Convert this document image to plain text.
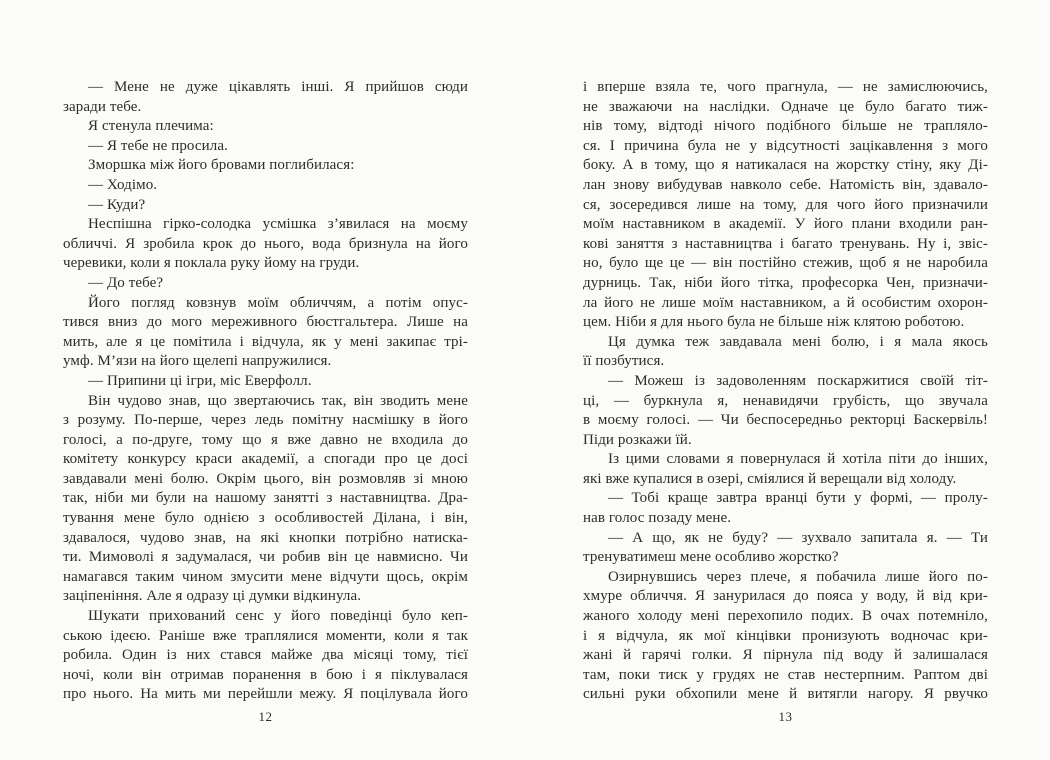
— Мене не дуже цікавлять інші. Я прийшов сюди
заради тебе.
Я стенула плечима:
— Я тебе не просила.
Зморшка між його бровами поглибилася:
— Ходімо.
— Куди?
Неспішна гірко-солодка усмішка з’явилася на моєму
обличчі. Я зробила крок до нього, вода бризнула на його
черевики, коли я поклала руку йому на груди.
— До тебе?
Його погляд ковзнув моїм обличчям, а потім опус-
тився вниз до мого мереживного бюстгальтера. Лише на
мить, але я це помітила і відчула, як у мені закипає трі-
умф. М’язи на його щелепі напружилися.
— Припини ці ігри, міс Еверфолл.
Він чудово знав, що звертаючись так, він зводить мене
з розуму. По-перше, через ледь помітну насмішку в його
голосі, а по-друге, тому що я вже давно не входила до
комітету конкурсу краси академії, а спогади про це досі
завдавали мені болю. Окрім цього, він розмовляв зі мною
так, ніби ми були на нашому занятті з наставництва. Дра-
тування мене було однією з особливостей Ділана, і він,
здавалося, чудово знав, на які кнопки потрібно натиска-
ти. Мимоволі я задумалася, чи робив він це навмисно. Чи
намагався таким чином змусити мене відчути щось, окрім
заціпеніння. Але я одразу ці думки відкинула.
Шукати прихований сенс у його поведінці було кеп-
ською ідеєю. Раніше вже траплялися моменти, коли я так
робила. Один із них стався майже два місяці тому, тієї
ночі, коли він отримав поранення в бою і я піклувалася
про нього. На мить ми перейшли межу. Я поцілувала його
12
і вперше взяла те, чого прагнула, — не замислюючись,
не зважаючи на наслідки. Одначе це було багато тиж-
нів тому, відтоді нічого подібного більше не трапляло-
ся. І причина була не у відсутності зацікавлення з мого
боку. А в тому, що я натикалася на жорстку стіну, яку Ді-
лан знову вибудував навколо себе. Натомість він, здавало-
ся, зосередився лише на тому, для чого його призначили
моїм наставником в академії. У його плани входили ран-
кові заняття з наставництва і багато тренувань. Ну і, звіс-
но, було ще це — він постійно стежив, щоб я не наробила
дурниць. Так, ніби його тітка, професорка Чен, призначи-
ла його не лише моїм наставником, а й особистим охорон-
цем. Ніби я для нього була не більше ніж клятою роботою.
Ця думка теж завдавала мені болю, і я мала якось
її позбутися.
— Можеш із задоволенням поскаржитися своїй тіт-
ці, — буркнула я, ненавидячи грубість, що звучала
в моєму голосі. — Чи беспосередньо ректорці Баскервіль!
Піди розкажи їй.
Із цими словами я повернулася й хотіла піти до інших,
які вже купалися в озері, сміялися й верещали від холоду.
— Тобі краще завтра вранці бути у формі, — пролу-
нав голос позаду мене.
— А що, як не буду? — зухвало запитала я. — Ти
тренуватимеш мене особливо жорстко?
Озирнувшись через плече, я побачила лише його по-
хмуре обличчя. Я занурилася до пояса у воду, й від кри-
жаного холоду мені перехопило подих. В очах потемніло,
і я відчула, як мої кінцівки пронизують водночас кри-
жані й гарячі голки. Я пірнула під воду й залишалася
там, поки тиск у грудях не став нестерпним. Раптом дві
сильні руки обхопили мене й витягли нагору. Я рвучко
13
